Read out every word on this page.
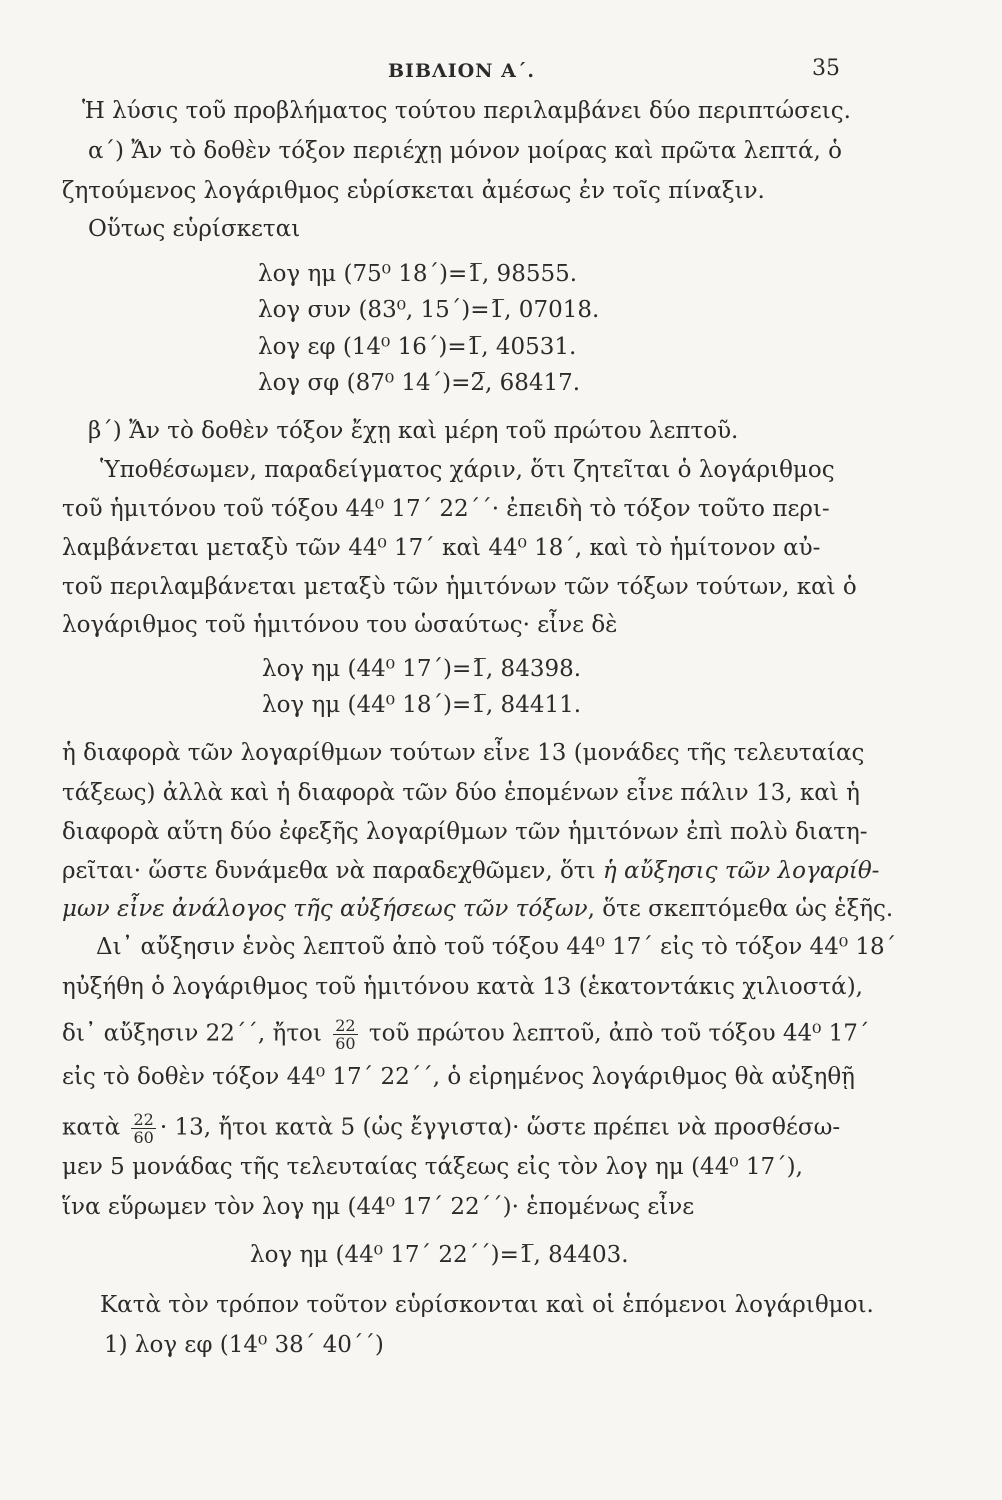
ΒΙΒΛΙΟΝ Α΄.	35
Ἡ λύσις τοῦ προβλήματος τούτου περιλαμβάνει δύο περιπτώσεις.
α΄) Ἄν τὸ δοθὲν τόξον περιέχῃ μόνον μοίρας καὶ πρῶτα λεπτά, ὁ
ζητούμενος λογάριθμος εὑρίσκεται ἀμέσως ἐν τοῖς πίναξιν.
Οὕτως εὑρίσκεται
λογ ημ (75⁰ 18΄)=1̅, 98555.
λογ συν (83⁰, 15΄)=1̅, 07018.
λογ εφ (14⁰ 16΄)=1̅, 40531.
λογ σφ (87⁰ 14΄)=2̅, 68417.
β΄) Ἄν τὸ δοθὲν τόξον ἔχῃ καὶ μέρη τοῦ πρώτου λεπτοῦ.
Ὑποθέσωμεν, παραδείγματος χάριν, ὅτι ζητεῖται ὁ λογάριθμος
τοῦ ἡμιτόνου τοῦ τόξου 44⁰ 17΄ 22΄΄· ἐπειδὴ τὸ τόξον τοῦτο περι-
λαμβάνεται μεταξὺ τῶν 44⁰ 17΄ καὶ 44⁰ 18΄, καὶ τὸ ἡμίτονον αὐ-
τοῦ περιλαμβάνεται μεταξὺ τῶν ἡμιτόνων τῶν τόξων τούτων, καὶ ὁ
λογάριθμος τοῦ ἡμιτόνου του ὡσαύτως· εἶνε δὲ
λογ ημ (44⁰ 17΄)=1̅, 84398.
λογ ημ (44⁰ 18΄)=1̅, 84411.
ἡ διαφορὰ τῶν λογαρίθμων τούτων εἶνε 13 (μονάδες τῆς τελευταίας
τάξεως) ἀλλὰ καὶ ἡ διαφορὰ τῶν δύο ἑπομένων εἶνε πάλιν 13, καὶ ἡ
διαφορὰ αὕτη δύο ἐφεξῆς λογαρίθμων τῶν ἡμιτόνων ἐπὶ πολὺ διατη-
ρεῖται· ὥστε δυνάμεθα νὰ παραδεχθῶμεν, ὅτι ἡ αὔξησις τῶν λογαρίθ-
μων εἶνε ἀνάλογος τῆς αὐξήσεως τῶν τόξων, ὅτε σκεπτόμεθα ὡς ἑξῆς.
Δι᾽ αὔξησιν ἑνὸς λεπτοῦ ἀπὸ τοῦ τόξου 44⁰ 17΄ εἰς τὸ τόξον 44⁰ 18΄
ηὐξήθη ὁ λογάριθμος τοῦ ἡμιτόνου κατὰ 13 (ἑκατοντάκις χιλιοστά),
δι᾽ αὔξησιν 22΄΄, ἤτοι $\frac{22}{60}$ τοῦ πρώτου λεπτοῦ, ἀπὸ τοῦ τόξου 44⁰ 17΄
εἰς τὸ δοθὲν τόξον 44⁰ 17΄ 22΄΄, ὁ εἰρημένος λογάριθμος θὰ αὐξηθῇ
κατὰ $\frac{22}{60} \cdot 13$, ἤτοι κατὰ 5 (ὡς ἔγγιστα)· ὥστε πρέπει νὰ προσθέσω-
μεν 5 μονάδας τῆς τελευταίας τάξεως εἰς τὸν λογ ημ (44⁰ 17΄),
ἵνα εὕρωμεν τὸν λογ ημ (44⁰ 17΄ 22΄΄)· ἑπομένως εἶνε
λογ ημ (44⁰ 17΄ 22΄΄)=1̅, 84403.
Κατὰ τὸν τρόπον τοῦτον εὑρίσκονται καὶ οἱ ἑπόμενοι λογάριθμοι.
1) λογ εφ (14⁰ 38΄ 40΄΄)
